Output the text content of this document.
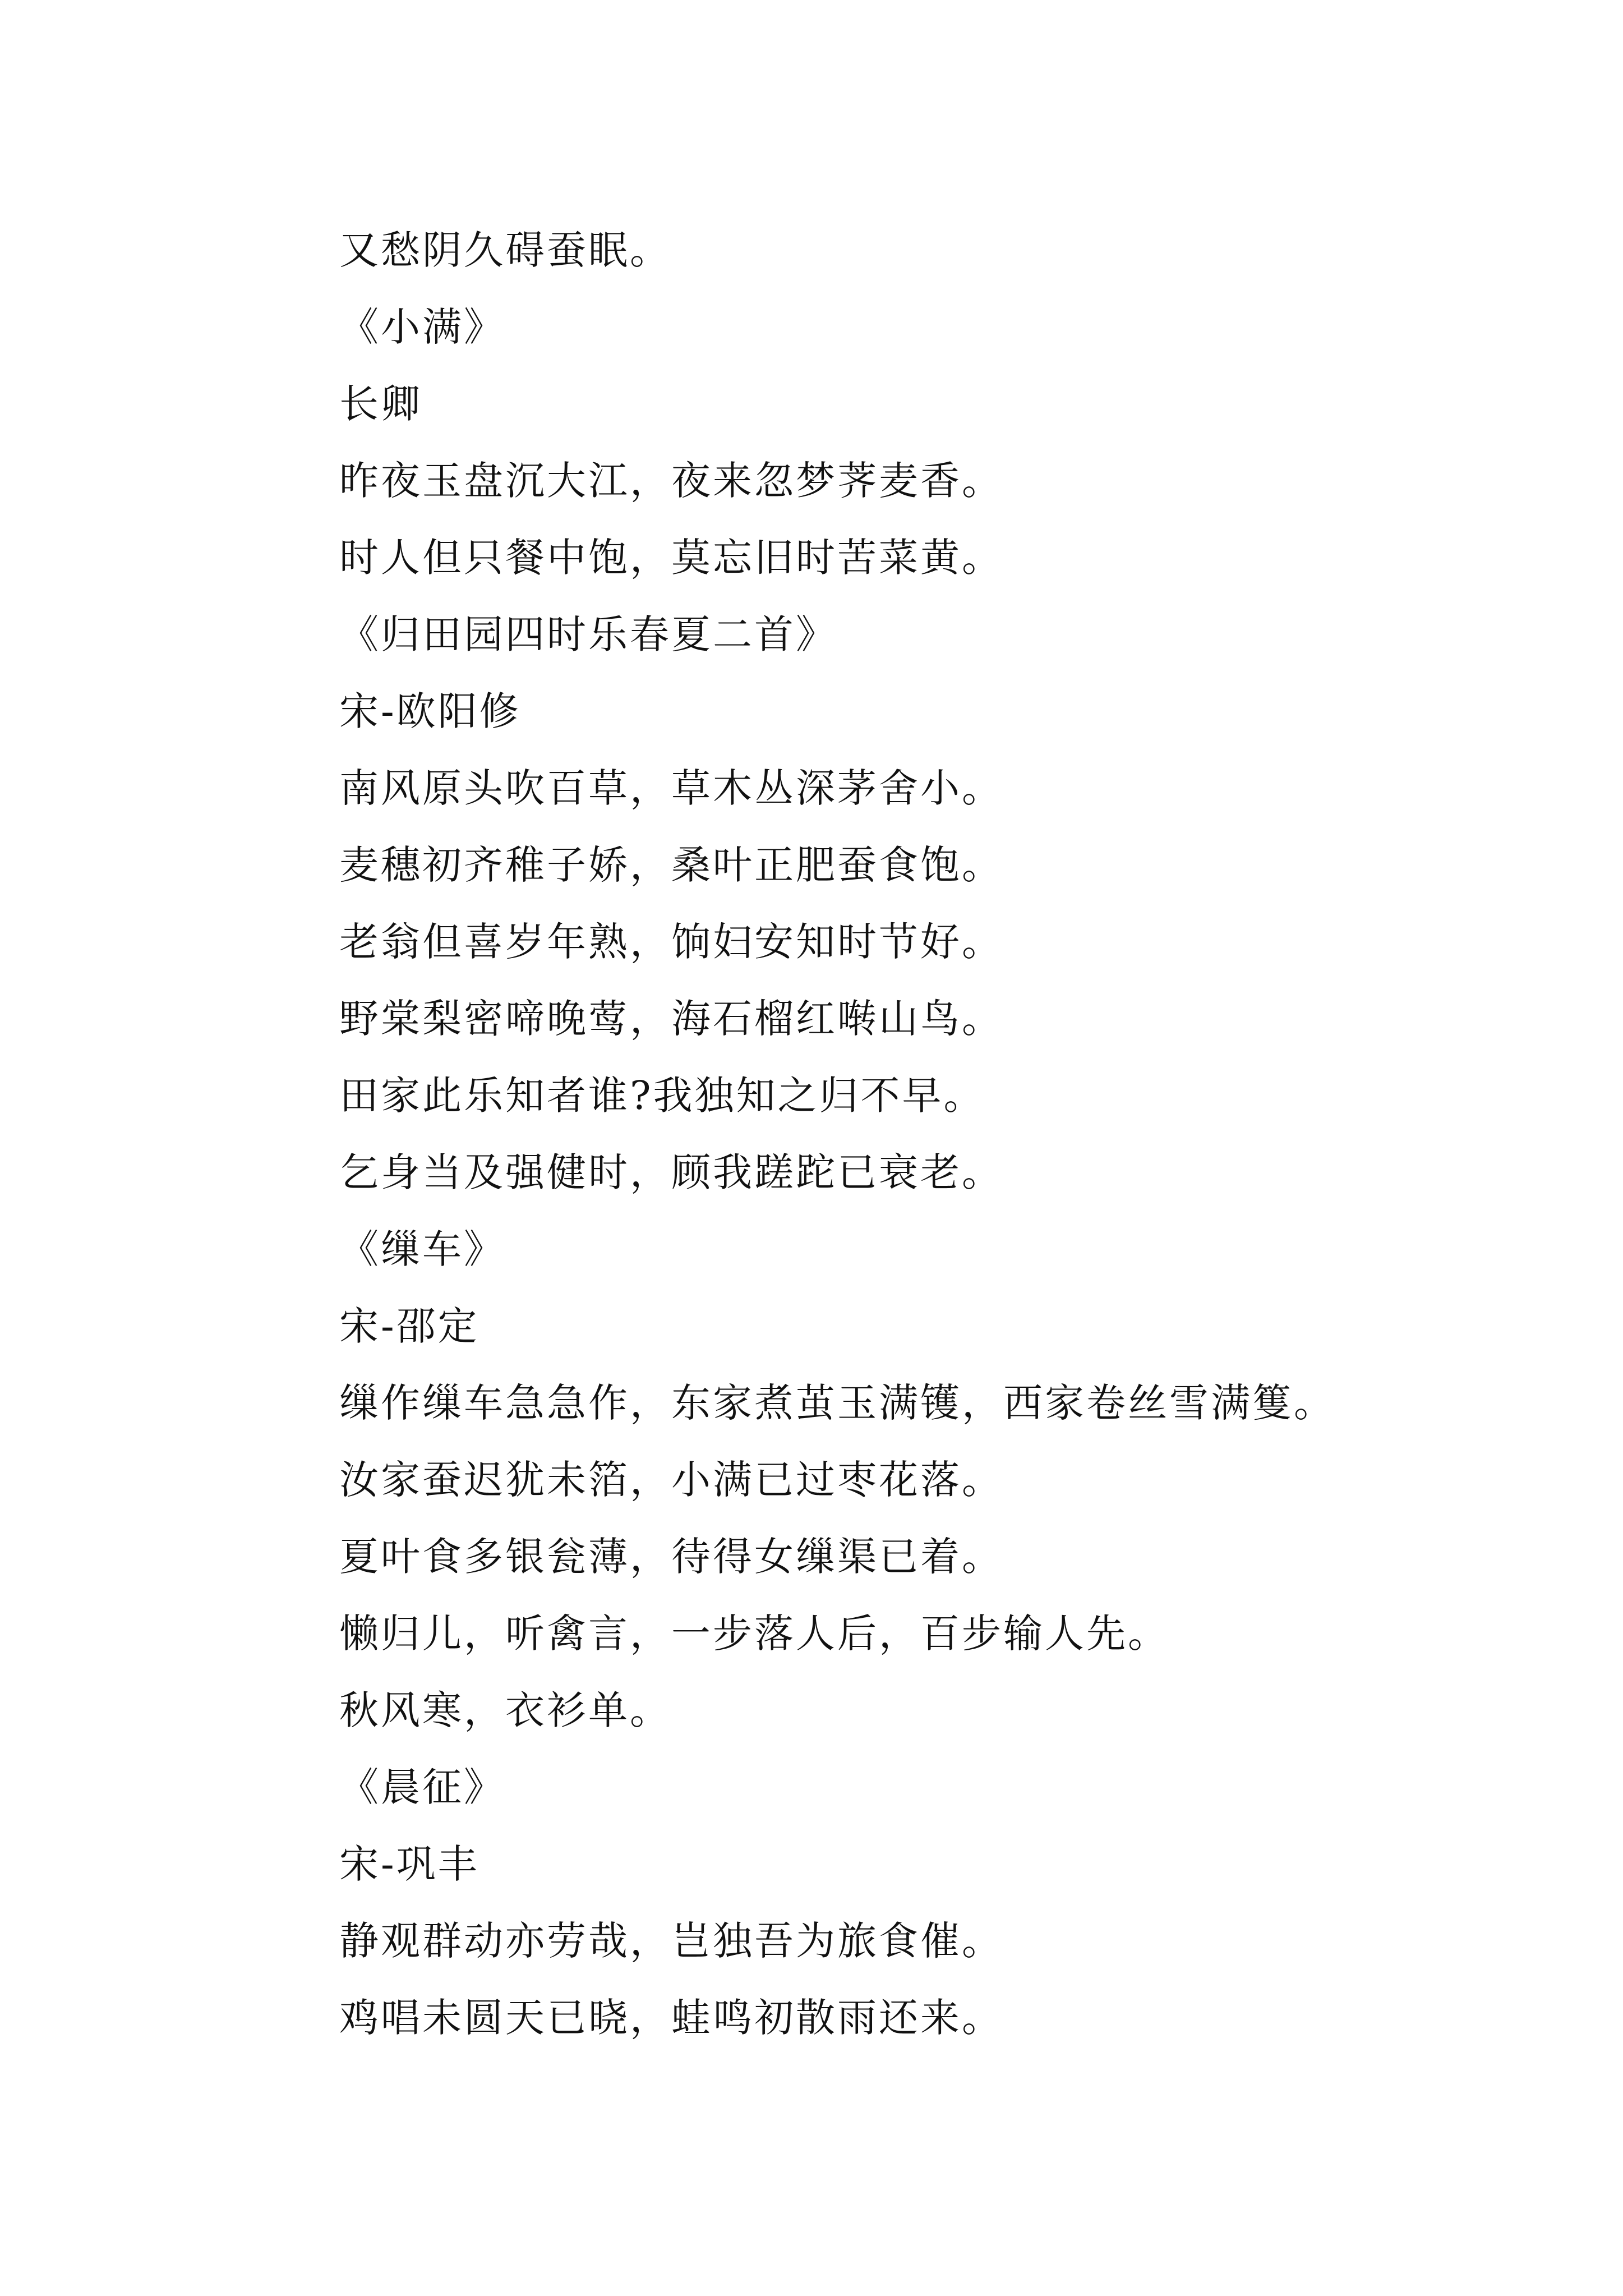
又愁阴久碍蚕眠。

《小满》

长卿

昨夜玉盘沉大江，夜来忽梦荠麦香。

时人但只餐中饱，莫忘旧时苦菜黄。

《归田园四时乐春夏二首》

宋-欧阳修

南风原头吹百草，草木丛深茅舍小。

麦穗初齐稚子娇，桑叶正肥蚕食饱。

老翁但喜岁年熟，饷妇安知时节好。

野棠梨密啼晚莺，海石榴红啭山鸟。

田家此乐知者谁?我独知之归不早。

乞身当及强健时，顾我蹉跎已衰老。

《缫车》

宋-邵定

缫作缫车急急作，东家煮茧玉满镬，西家卷丝雪满篗。

汝家蚕迟犹未箔，小满已过枣花落。

夏叶食多银瓮薄，待得女缫渠已着。

懒归儿，听禽言，一步落人后，百步输人先。

秋风寒，衣衫单。

《晨征》

宋-巩丰

静观群动亦劳哉，岂独吾为旅食催。

鸡唱未圆天已晓，蛙鸣初散雨还来。
